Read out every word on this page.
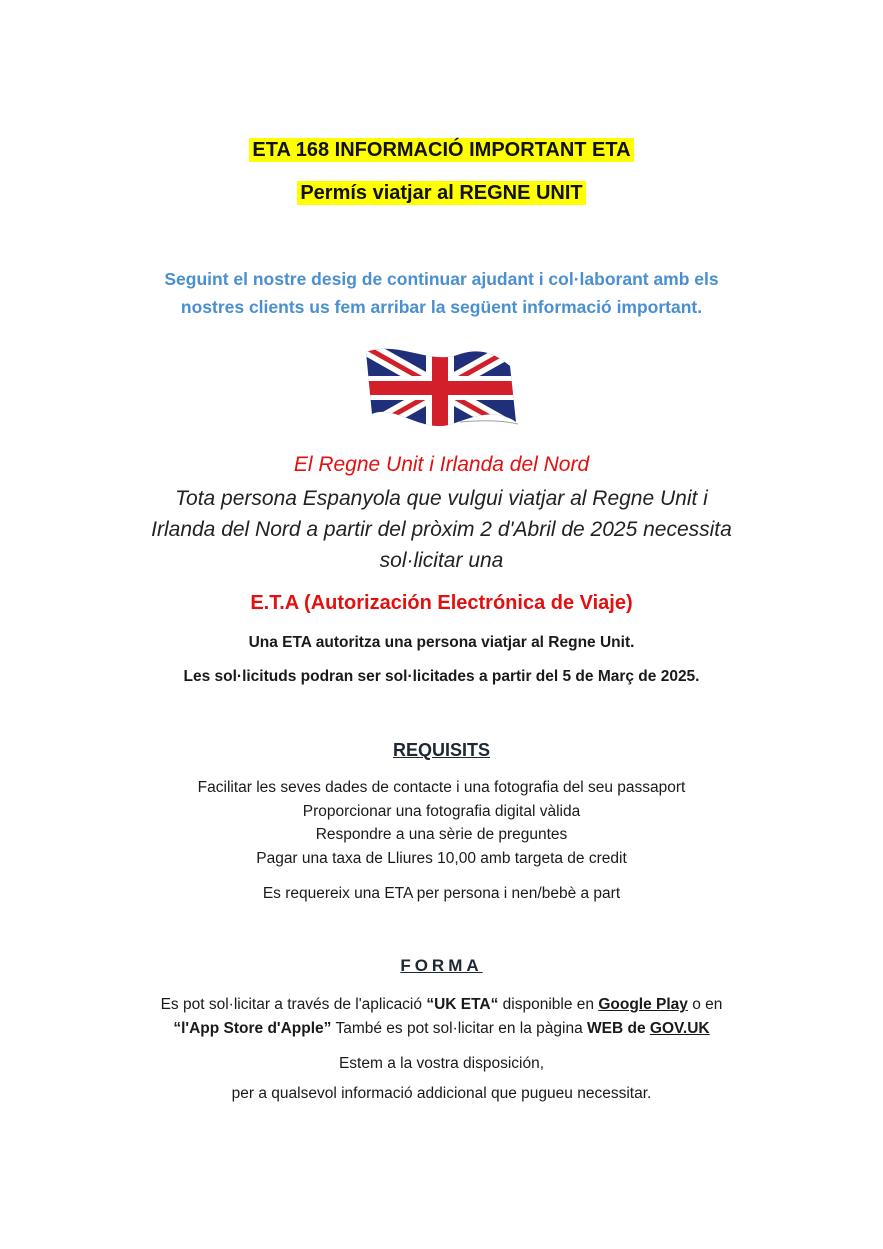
ETA 168 INFORMACIÓ IMPORTANT ETA
Permís viatjar al REGNE UNIT
Seguint el nostre desig de continuar ajudant i col·laborant amb els
nostres clients us fem arribar la següent informació important.
El Regne Unit i Irlanda del Nord
Tota persona Espanyola que vulgui viatjar al Regne Unit i
Irlanda del Nord a partir del pròxim 2 d'Abril de 2025 necessita
sol·licitar una
E.T.A (Autorización Electrónica de Viaje)
Una ETA autoritza una persona viatjar al Regne Unit.
Les sol·licituds podran ser sol·licitades a partir del 5 de Març de 2025.
REQUISITS
Facilitar les seves dades de contacte i una fotografia del seu passaport
Proporcionar una fotografia digital vàlida
Respondre a una sèrie de preguntes
Pagar una taxa de Lliures 10,00 amb targeta de credit
Es requereix una ETA per persona i nen/bebè a part
FORMA
Es pot sol·licitar a través de l'aplicació “UK ETA“ disponible en Google Play o en
“l'App Store d'Apple” També es pot sol·licitar en la pàgina WEB de GOV.UK
Estem a la vostra disposición,
per a qualsevol informació addicional que pugueu necessitar.
